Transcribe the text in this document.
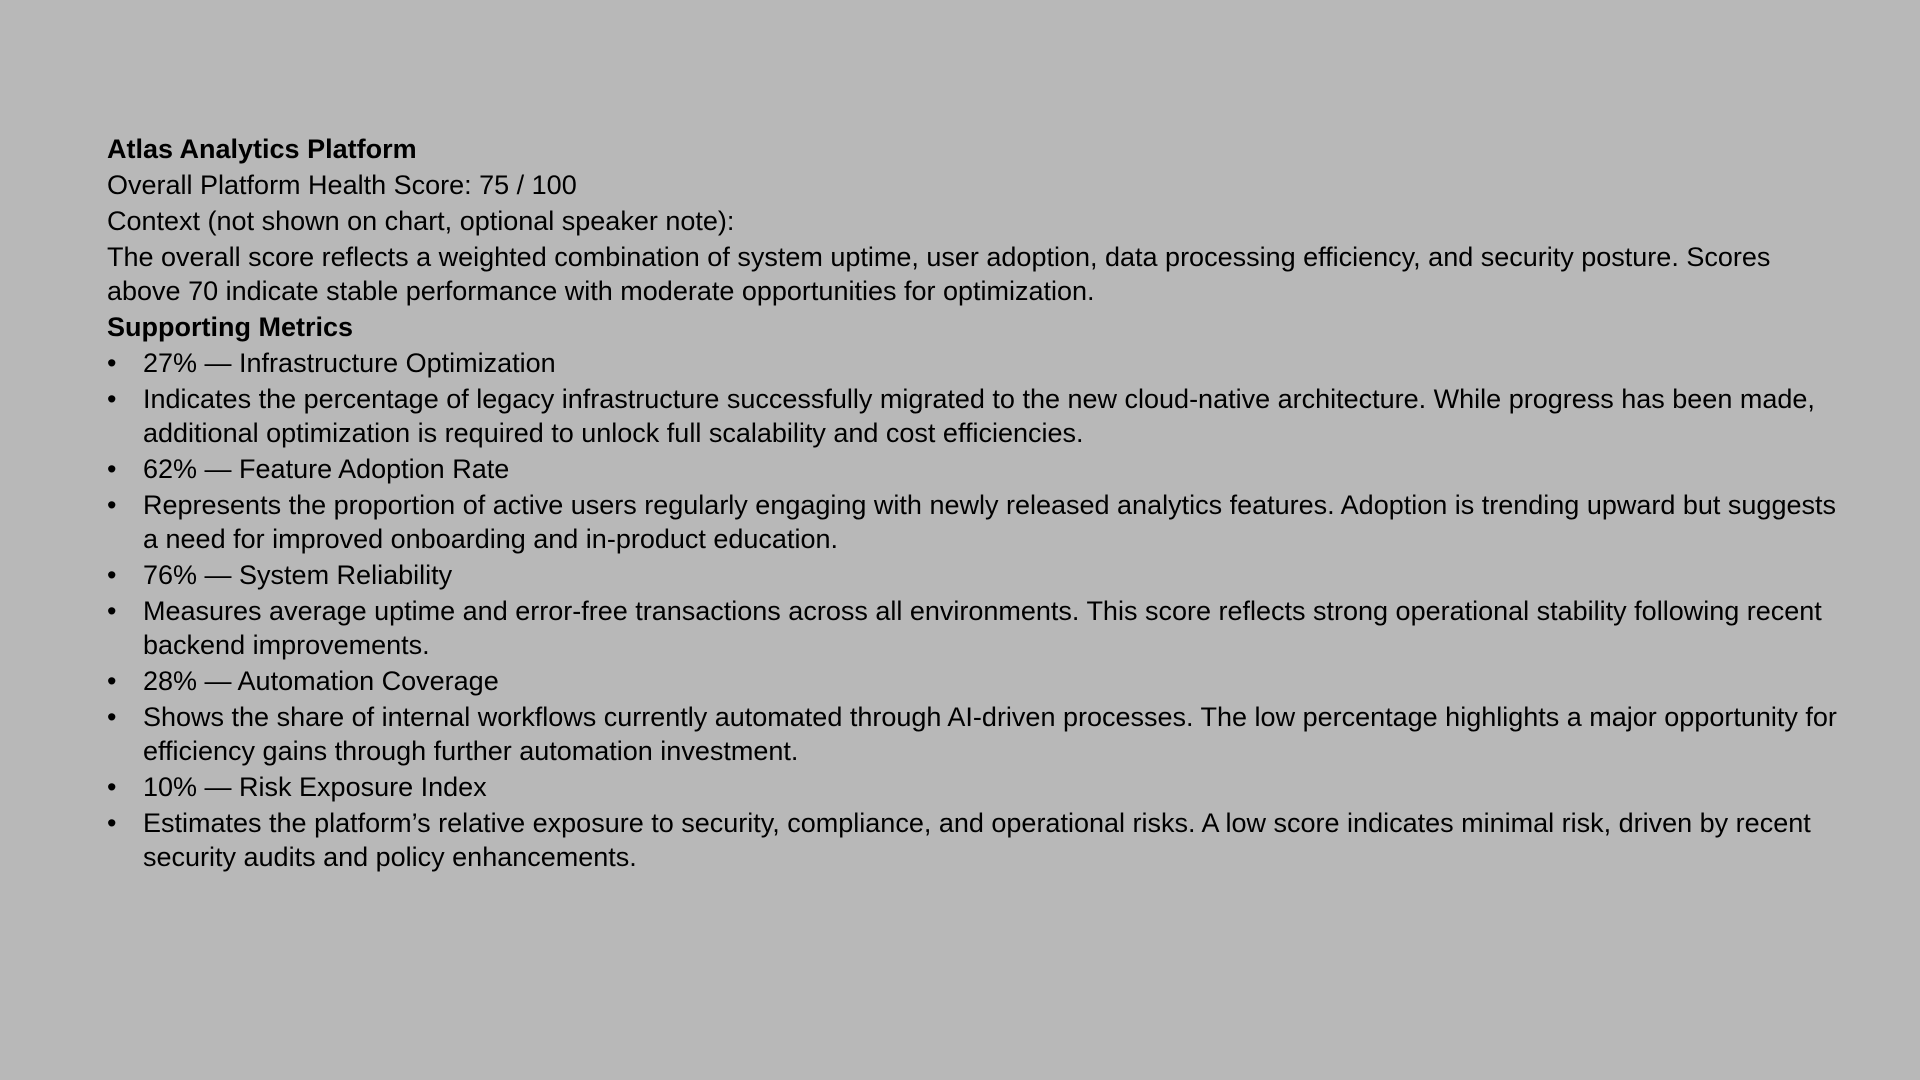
Atlas Analytics Platform
Overall Platform Health Score: 75 / 100
Context (not shown on chart, optional speaker note):
The overall score reflects a weighted combination of system uptime, user adoption, data processing efficiency, and security posture. Scores above 70 indicate stable performance with moderate opportunities for optimization.
Supporting Metrics
• 27% — Infrastructure Optimization
• Indicates the percentage of legacy infrastructure successfully migrated to the new cloud-native architecture. While progress has been made, additional optimization is required to unlock full scalability and cost efficiencies.
• 62% — Feature Adoption Rate
• Represents the proportion of active users regularly engaging with newly released analytics features. Adoption is trending upward but suggests a need for improved onboarding and in-product education.
• 76% — System Reliability
• Measures average uptime and error-free transactions across all environments. This score reflects strong operational stability following recent backend improvements.
• 28% — Automation Coverage
• Shows the share of internal workflows currently automated through AI-driven processes. The low percentage highlights a major opportunity for efficiency gains through further automation investment.
• 10% — Risk Exposure Index
• Estimates the platform’s relative exposure to security, compliance, and operational risks. A low score indicates minimal risk, driven by recent security audits and policy enhancements.
